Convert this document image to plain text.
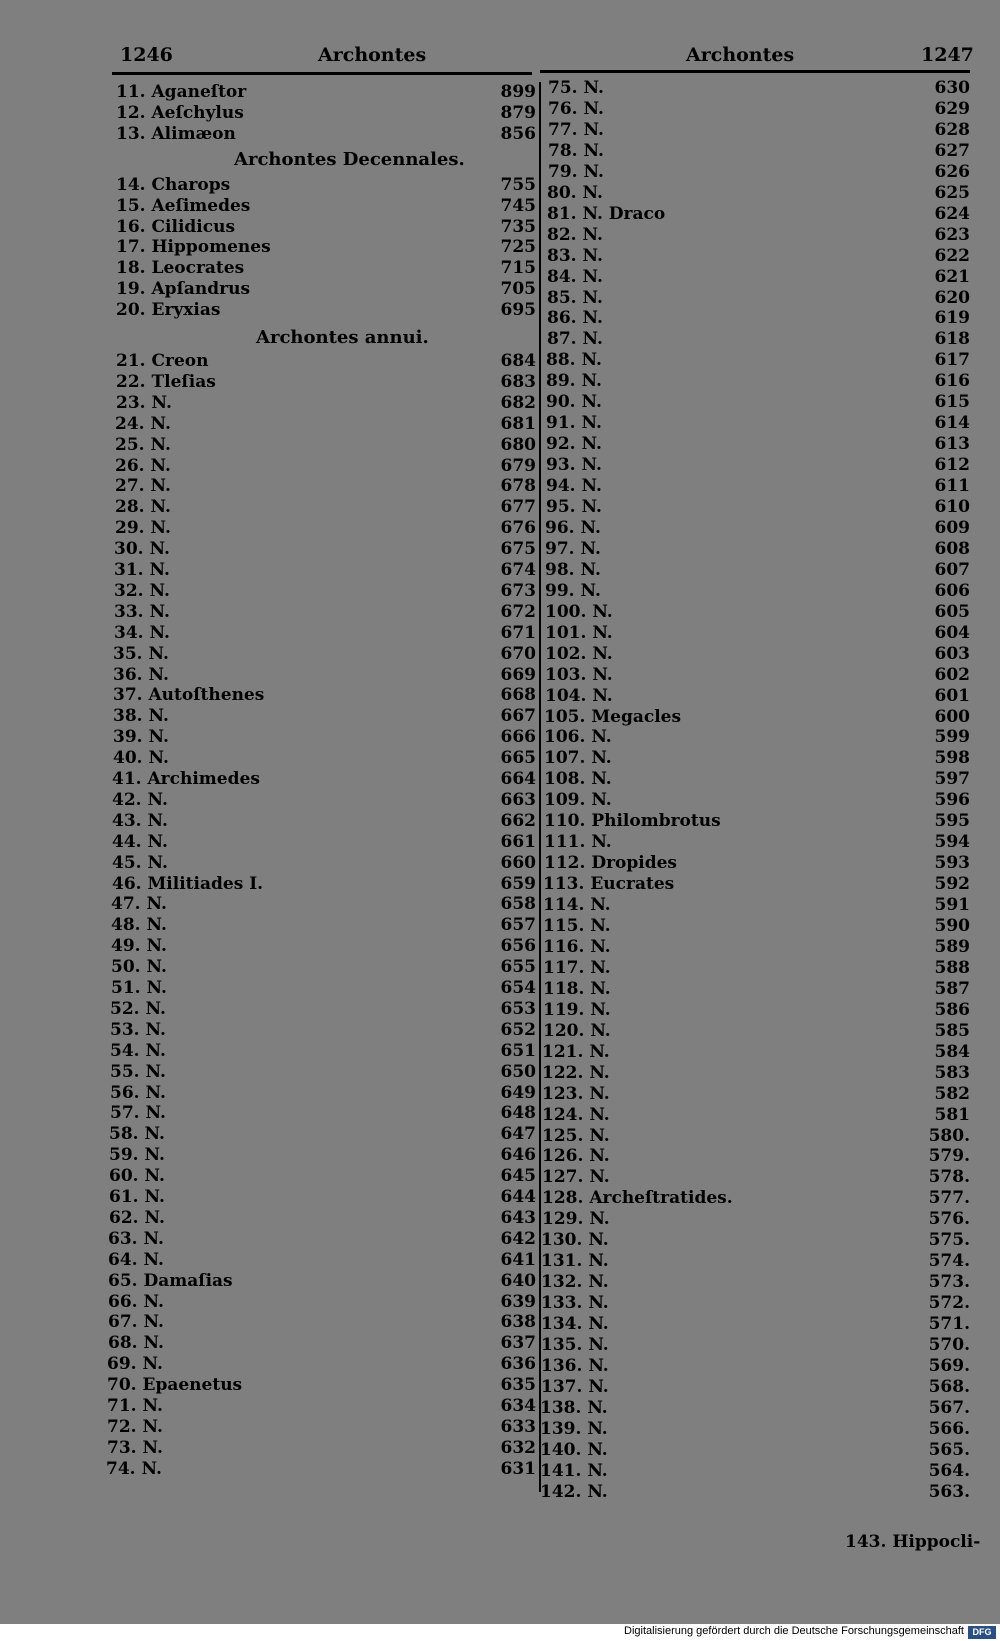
1246	Archontes	Archontes	1247
11. Aganeſtor	899
12. Aeſchylus	879
13. Alimæon	856
Archontes Decennales.
14. Charops	755
15. Aeſimedes	745
16. Cilidicus	735
17. Hippomenes	725
18. Leocrates	715
19. Apſandrus	705
20. Eryxias	695
Archontes annui.
21. Creon	684
22. Tleſias	683
23. N.	682
24. N.	681
25. N.	680
26. N.	679
27. N.	678
28. N.	677
29. N.	676
30. N.	675
31. N.	674
32. N.	673
33. N.	672
34. N.	671
35. N.	670
36. N.	669
37. Autoſthenes	668
38. N.	667
39. N.	666
40. N.	665
41. Archimedes	664
42. N.	663
43. N.	662
44. N.	661
45. N.	660
46. Militiades I.	659
47. N.	658
48. N.	657
49. N.	656
50. N.	655
51. N.	654
52. N.	653
53. N.	652
54. N.	651
55. N.	650
56. N.	649
57. N.	648
58. N.	647
59. N.	646
60. N.	645
61. N.	644
62. N.	643
63. N.	642
64. N.	641
65. Damaſias	640
66. N.	639
67. N.	638
68. N.	637
69. N.	636
70. Epaenetus	635
71. N.	634
72. N.	633
73. N.	632
74. N.	631
75. N.	630
76. N.	629
77. N.	628
78. N.	627
79. N.	626
80. N.	625
81. N. Draco	624
82. N.	623
83. N.	622
84. N.	621
85. N.	620
86. N.	619
87. N.	618
88. N.	617
89. N.	616
90. N.	615
91. N.	614
92. N.	613
93. N.	612
94. N.	611
95. N.	610
96. N.	609
97. N.	608
98. N.	607
99. N.	606
100. N.	605
101. N.	604
102. N.	603
103. N.	602
104. N.	601
105. Megacles	600
106. N.	599
107. N.	598
108. N.	597
109. N.	596
110. Philombrotus	595
111. N.	594
112. Dropides	593
113. Eucrates	592
114. N.	591
115. N.	590
116. N.	589
117. N.	588
118. N.	587
119. N.	586
120. N.	585
121. N.	584
122. N.	583
123. N.	582
124. N.	581
125. N.	580.
126. N.	579.
127. N.	578.
128. Archeſtratides.	577.
129. N.	576.
130. N.	575.
131. N.	574.
132. N.	573.
133. N.	572.
134. N.	571.
135. N.	570.
136. N.	569.
137. N.	568.
138. N.	567.
139. N.	566.
140. N.	565.
141. N.	564.
142. N.	563.
143. Hippocli-
Digitalisierung gefördert durch die Deutsche Forschungsgemeinschaft DFG
